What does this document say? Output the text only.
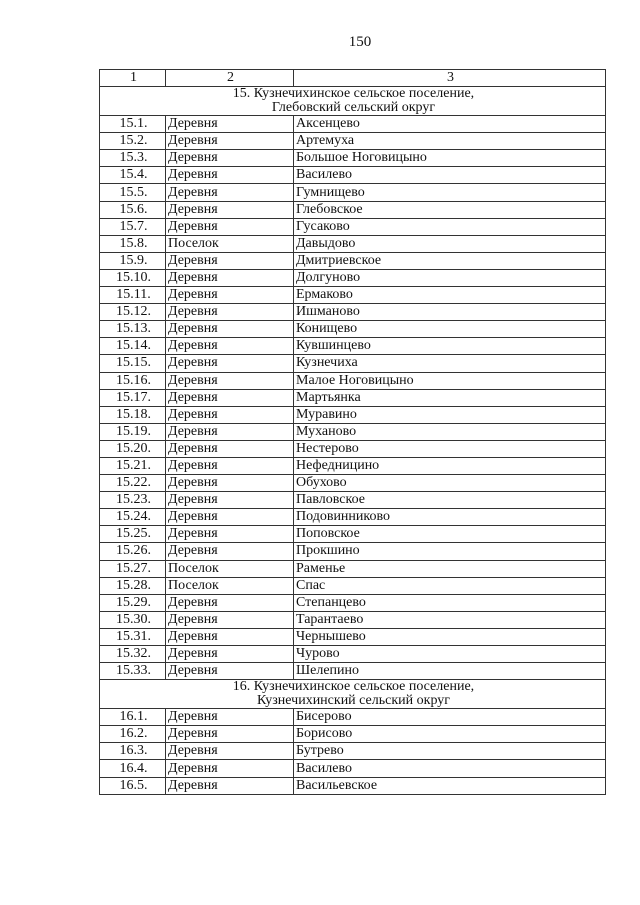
150
1	2	3

15. Кузнечихинское сельское поселение,
Глебовский сельский округ		

15.1.	Деревня	Аксенцево
15.2.	Деревня	Артемуха
15.3.	Деревня	Большое Ноговицыно
15.4.	Деревня	Василево
15.5.	Деревня	Гумнищево
15.6.	Деревня	Глебовское
15.7.	Деревня	Гусаково
15.8.	Поселок	Давыдово
15.9.	Деревня	Дмитриевское
15.10.	Деревня	Долгуново
15.11.	Деревня	Ермаково
15.12.	Деревня	Ишманово
15.13.	Деревня	Конищево
15.14.	Деревня	Кувшинцево
15.15.	Деревня	Кузнечиха
15.16.	Деревня	Малое Ноговицыно
15.17.	Деревня	Мартьянка
15.18.	Деревня	Муравино
15.19.	Деревня	Муханово
15.20.	Деревня	Нестерово
15.21.	Деревня	Нефедницино
15.22.	Деревня	Обухово
15.23.	Деревня	Павловское
15.24.	Деревня	Подовинниково
15.25.	Деревня	Поповское
15.26.	Деревня	Прокшино
15.27.	Поселок	Раменье
15.28.	Поселок	Спас
15.29.	Деревня	Степанцево
15.30.	Деревня	Тарантаево
15.31.	Деревня	Чернышево
15.32.	Деревня	Чурово
15.33.	Деревня	Шелепино

16. Кузнечихинское сельское поселение,
Кузнечихинский сельский округ		

16.1.	Деревня	Бисерово
16.2.	Деревня	Борисово
16.3.	Деревня	Бутрево
16.4.	Деревня	Василево
16.5.	Деревня	Васильевское
